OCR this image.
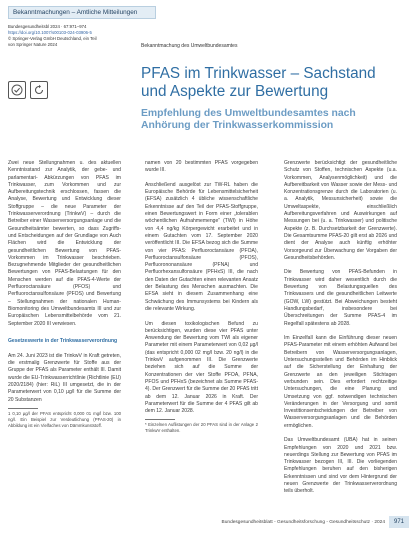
Bekanntmachungen – Amtliche Mitteilungen
Bundesgesundheitsbl 2024 · 67:971–974
https://doi.org/10.1007/s00103-024-03906-5
© Springer-Verlag GmbH Deutschland, ein Teil
von Springer Nature 2024	Bekanntmachung des Umweltbundesamtes
PFAS im Trinkwasser – Sachstand und Aspekte zur Bewertung
Empfehlung des Umweltbundesamtes nach Anhörung der Trinkwasserkommission

Zwei neue Stellungnahmen u. des aktuellen Kenntnisstand zur Analytik, der gebe- und parlamentari- Abkürzungen von PFAS im Trinkwasser, zum Vorkommen und zur Aufbereitungstechnik erschlossen, fassen die Analyse, Bewertung und Entwicklung dieser Stoffgruppe – die neue Parameter der Trinkwasserverordnung (TrinkwV) – durch die Betreiber einer Wasserversorgungsanlage und die Gesundheitsämter bewerten, so dass Zugriffs- und Entscheidungen auf der Grundlage von Auch Flächen wird die Entwicklung der gesundheitlichen Bewertung von PFAS-Vorkommen im Trinkwasser beschrieben. Bezugnehmende Mitglieder der gesundheitlichen Bewertungen von PFAS-Belastungen für den Menschen werden auf die PFAS-4-Werte der Perfluoroctansäure (PFOS) und Perfluoroctansulfonsäure (PFOS) und Bewertung – Stellungnahmen der nationalen Human-Biomonitoring des Umweltbundesamts III und zur Europäischen Lebensmittelbehörde vom 21. September 2020 III verwiesen.

Gesetzeswerte in der Trinkwasserverordnung

Am 24. Juni 2023 ist die TrinkwV in Kraft getreten, die erstmalig Grenzwerte für Stoffe aus der Gruppe der PFAS als Parameter enthält III. Damit wurde die EU-Trinkwasserrichtlinie (Richtlinie (EU) 2020/2184) (hier: RiL) III umgesetzt, die in der Parameterwert von 0,10 µg/l für die Summe der 20 Substanzen

1 0,10 µg/l der PFAS entspricht 0,000 01 mg/l bzw. 100 ng/l. Ein Beispiel zur Verdeutlichung (PFAS-20) in Abbildung ist ein Vielfaches von Dämmkunststoff.

namen von 20 bestimmten PFAS vorgegeben wurde III.

Anschließend ausgelöst zur TW-RL haben die Europäische Behörde für Lebensmittelsicherheit (EFSA) zusätzlich 4 übliche wissenschaftliche Erkenntnisse auf den Teil der PFAS-Stoffgruppe, einen Bewertungswert in Form einer „tolerablen wöchentlichen Aufnahmemenge“ (TWI) in Höhe von 4,4 ng/kg Körpergewicht erarbeitet und in einem Gutachten vom 17. September 2020 veröffentlicht III. Die EFSA bezog sich die Summe von vier PFAS: Perfluoroctansäure (PFOA), Perfluoroctansulfonsäure (PFOS), Perfluorononansäure (PFNA) und Perfluorhexansulfonsäure (PFHxS) III, die nach den Daten der Gutachten einen relevanten Ansatz der Belastung des Menschen ausmachten. Die EFSA sieht in diesem Zusammenhang eine Schwächung des Immunsystems bei Kindern als die relevante Wirkung.

Um diesen toxikologischen Befund zu berücksichtigen, wurden diese vier PFAS unter Anwendung der Bewertung vom TWI als eigener Parameter mit einem Parameterwert von 0,02 µg/l (das entspricht 0,000 02 mg/l bzw. 20 ng/l) in die TrinkwV aufgenommen III. Die Grenzwerte beziehen sich auf die Summe der Konzentrationen der vier Stoffe PFOA, PFNA, PFOS und PFHxS (bezeichnet als Summe PFAS-4). Der Grenzwert für die Summe der 20 PFAS tritt ab dem 12. Januar 2026 in Kraft. Der Parameterwert für die Summe der 4 PFAS gilt ab dem 12. Januar 2028.

* Einzelnen Auflistungen der 20 PFAS sind in der Anlage 2 TrinkwV enthalten.

Grenzwerte berücksichtigt der gesundheitliche Schutz von Stoffen, technischen Aspekte (u.a. Vorkommen, Analysenmöglichkeit) und die Aufbereitbarkeit von Wasser sowie der Mess- und Konzentrationsgrenze durch die Laboratorien (u. a. Analytik, Messunsicherheit) sowie die Umweltaspekte, einschließlich Aufbereitungsverfahren und Auswirkungen auf Messungen bei (u. a. Trinkwasser) und politische Aspekte (z. B. Durchsetzbarkeit der Grenzwerte). Die Gesamtsumme PFAS-20 gilt erst ab 2026 und dient der Analyse auch künftig erhöhter Vorsorgeund zur Überwachung der Vorgaben der Gesundheitsbehörden.

Die Bewertung von PFAS-Befunden in Trinkwasser wird daher wesentlich durch die Bewertung von Belastungsquellen des Trinkwassers und die gesundheitlichen Leitwerte (GOW, LW) gestützt. Bei Abweichungen besteht Handlungsbedarf, insbesondere bei Überschreitungen der Summe PFAS-4 im Regelfall spätestens ab 2028.

Im Einzelfall kann die Einführung dieser neuen PFAS-Parameter mit einem erhöhten Aufwand bei Betreibern von Wasserversorgungsanlagen, Untersuchungsstellen und Behörden im Hinblick auf die Sicherstellung der Einhaltung der Grenzwerte an den jeweiligen Stichtagen verbunden sein. Dies erfordert rechtzeitige Untersuchungen, die eine Planung und Umsetzung von ggf. notwendigen technischen Veränderungen in der Versorgung und somit Investitionsentscheidungen der Betreiber von Wasserversorgungsanlagen und die Behörden ermöglichen.

Das Umweltbundesamt (UBA) hat in seinen Empfehlungen von 2020 und 2021 bzw. neuerdings Stellung zur Bewertung von PFAS im Trinkwasser bezogen III, III. Die vorliegenden Empfehlungen beruhen auf den bisherigen Erkenntnissen und sind vor dem Hintergrund der neuen Grenzwerte der Trinkwasserverordnung teils überholt.

Bundesgesundheitsblatt - Gesundheitsforschung - Gesundheitsschutz · 2024	971
